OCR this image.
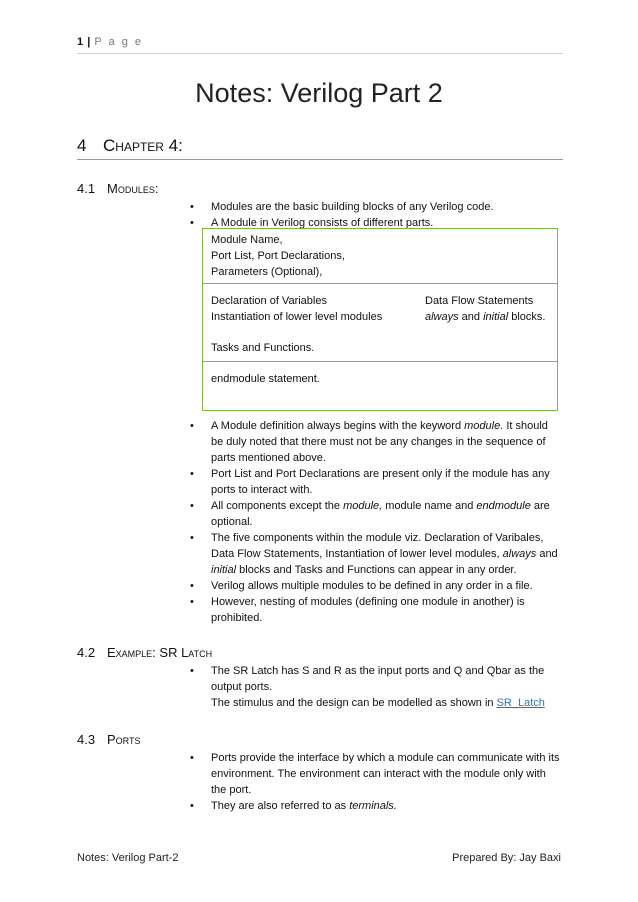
1 | P a g e
Notes: Verilog Part 2
4 Chapter 4:
4.1 Modules:
•	Modules are the basic building blocks of any Verilog code.
•	A Module in Verilog consists of different parts.
Module Name,
Port List, Port Declarations,
Parameters (Optional),
Declaration of Variables
Instantiation of lower level modules
Data Flow Statements
always and initial blocks.
Tasks and Functions.
endmodule statement.
•	A Module definition always begins with the keyword module. It should be duly noted that there must not be any changes in the sequence of parts mentioned above.
•	Port List and Port Declarations are present only if the module has any ports to interact with.
•	All components except the module, module name and endmodule are optional.
•	The five components within the module viz. Declaration of Varibales, Data Flow Statements, Instantiation of lower level modules, always and initial blocks and Tasks and Functions can appear in any order.
•	Verilog allows multiple modules to be defined in any order in a file.
•	However, nesting of modules (defining one module in another) is prohibited.
4.2 Example: SR Latch
•	The SR Latch has S and R as the input ports and Q and Qbar as the output ports.
The stimulus and the design can be modelled as shown in SR_Latch
4.3 Ports
•	Ports provide the interface by which a module can communicate with its environment. The environment can interact with the module only with the port.
•	They are also referred to as terminals.
Notes: Verilog Part-2	Prepared By: Jay Baxi
